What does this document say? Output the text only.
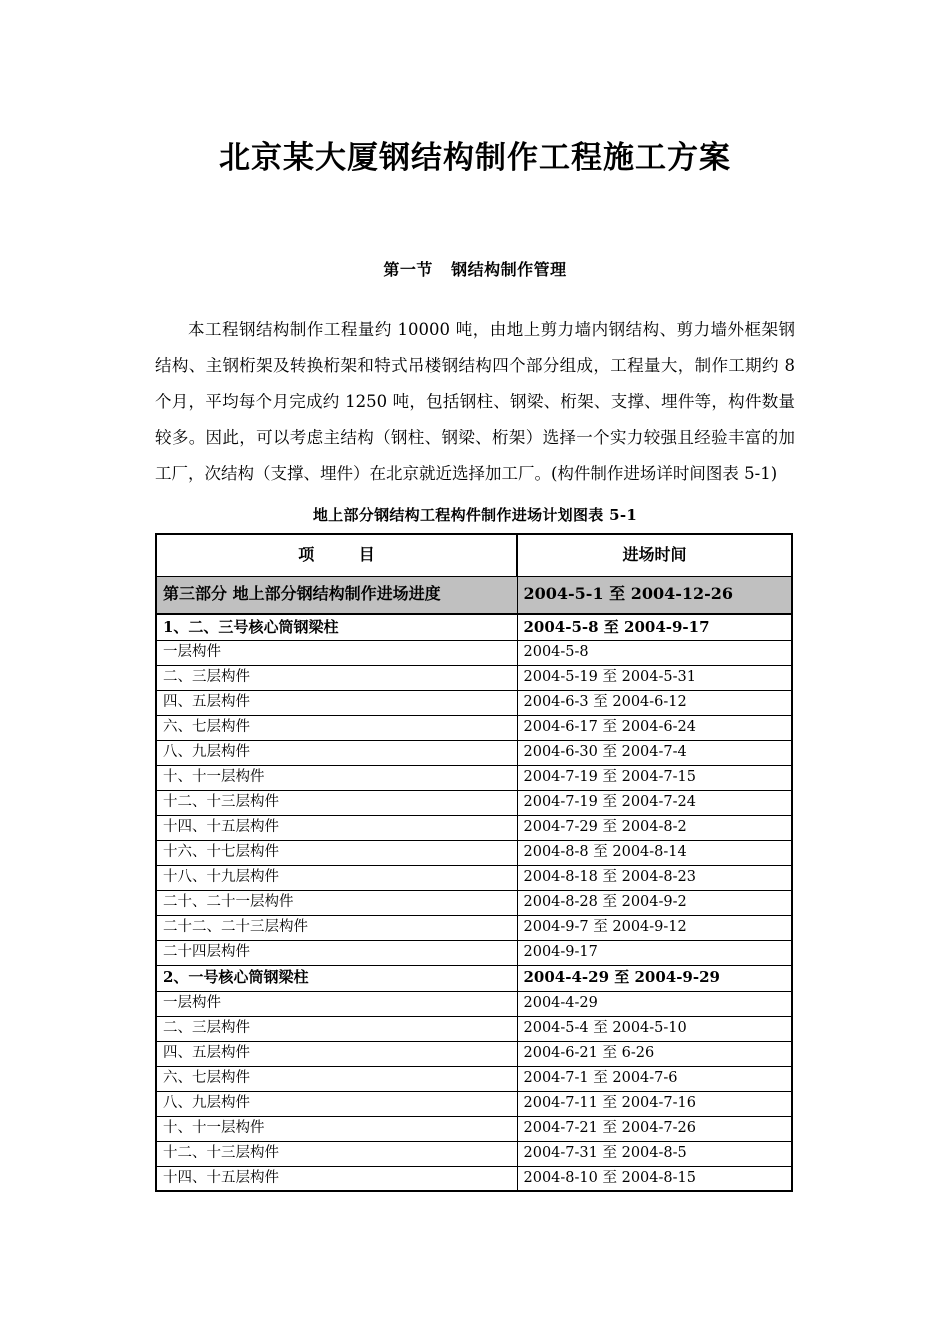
北京某大厦钢结构制作工程施工方案
第一节   钢结构制作管理

本工程钢结构制作工程量约 10000 吨，由地上剪力墙内钢结构、剪力墙外框架钢结构、主钢桁架及转换桁架和特式吊楼钢结构四个部分组成，工程量大，制作工期约 8 个月，平均每个月完成约 1250 吨，包括钢柱、钢梁、桁架、支撑、埋件等，构件数量较多。因此，可以考虑主结构（钢柱、钢梁、桁架）选择一个实力较强且经验丰富的加工厂，次结构（支撑、埋件）在北京就近选择加工厂。(构件制作进场详时间图表 5-1)

地上部分钢结构工程构件制作进场计划图表 5-1
项        目	进场时间
第三部分 地上部分钢结构制作进场进度	2004-5-1 至 2004-12-26
1、二、三号核心筒钢梁柱	2004-5-8 至 2004-9-17
一层构件	2004-5-8
二、三层构件	2004-5-19 至 2004-5-31
四、五层构件	2004-6-3 至 2004-6-12
六、七层构件	2004-6-17 至 2004-6-24
八、九层构件	2004-6-30 至 2004-7-4
十、十一层构件	2004-7-19 至 2004-7-15
十二、十三层构件	2004-7-19 至 2004-7-24
十四、十五层构件	2004-7-29 至 2004-8-2
十六、十七层构件	2004-8-8 至 2004-8-14
十八、十九层构件	2004-8-18 至 2004-8-23
二十、二十一层构件	2004-8-28 至 2004-9-2
二十二、二十三层构件	2004-9-7 至 2004-9-12
二十四层构件	2004-9-17
2、一号核心筒钢梁柱	2004-4-29 至 2004-9-29
一层构件	2004-4-29
二、三层构件	2004-5-4 至 2004-5-10
四、五层构件	2004-6-21 至 6-26
六、七层构件	2004-7-1 至 2004-7-6
八、九层构件	2004-7-11 至 2004-7-16
十、十一层构件	2004-7-21 至 2004-7-26
十二、十三层构件	2004-7-31 至 2004-8-5
十四、十五层构件	2004-8-10 至 2004-8-15
